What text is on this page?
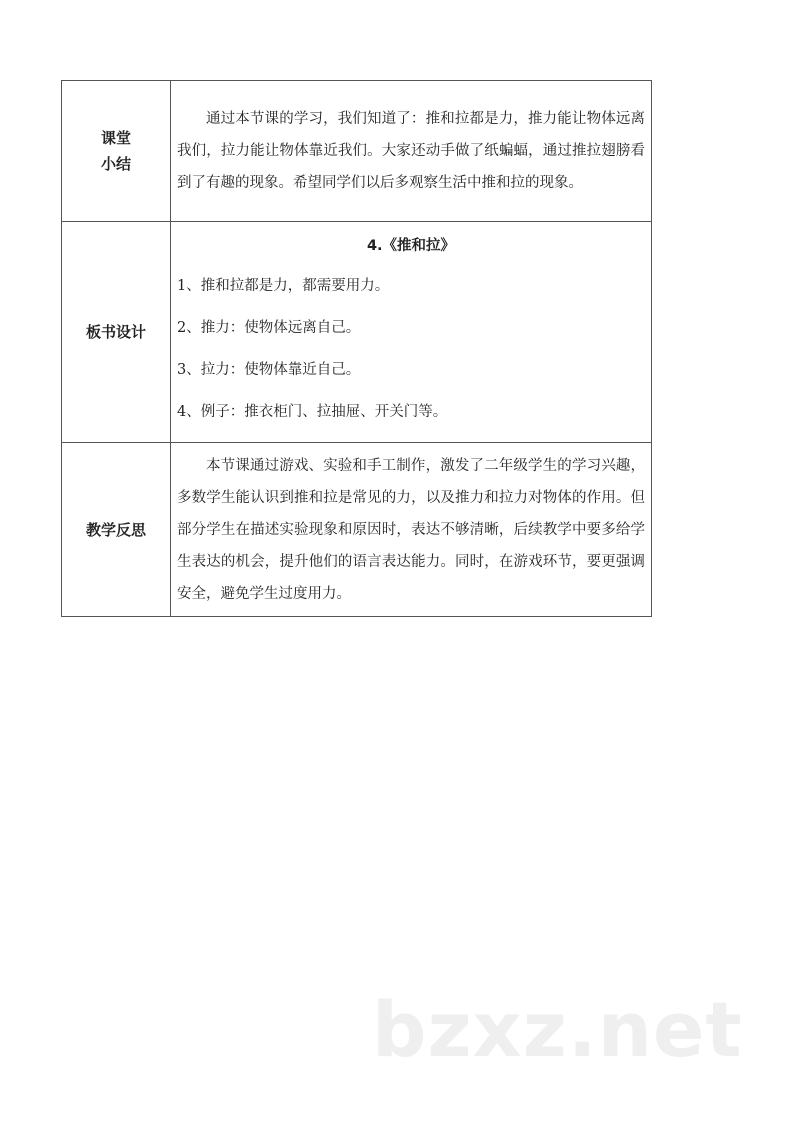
课堂
小结	通过本节课的学习，我们知道了：推和拉都是力，推力能让物体远离我们，拉力能让物体靠近我们。大家还动手做了纸蝙蝠，通过推拉翅膀看到了有趣的现象。希望同学们以后多观察生活中推和拉的现象。

板书设计	4.《推和拉》

1、推和拉都是力，都需要用力。

2、推力：使物体远离自己。

3、拉力：使物体靠近自己。

4、例子：推衣柜门、拉抽屉、开关门等。

教学反思	本节课通过游戏、实验和手工制作，激发了二年级学生的学习兴趣，多数学生能认识到推和拉是常见的力，以及推力和拉力对物体的作用。但部分学生在描述实验现象和原因时，表达不够清晰，后续教学中要多给学生表达的机会，提升他们的语言表达能力。同时，在游戏环节，要更强调安全，避免学生过度用力。

bzxz.net
